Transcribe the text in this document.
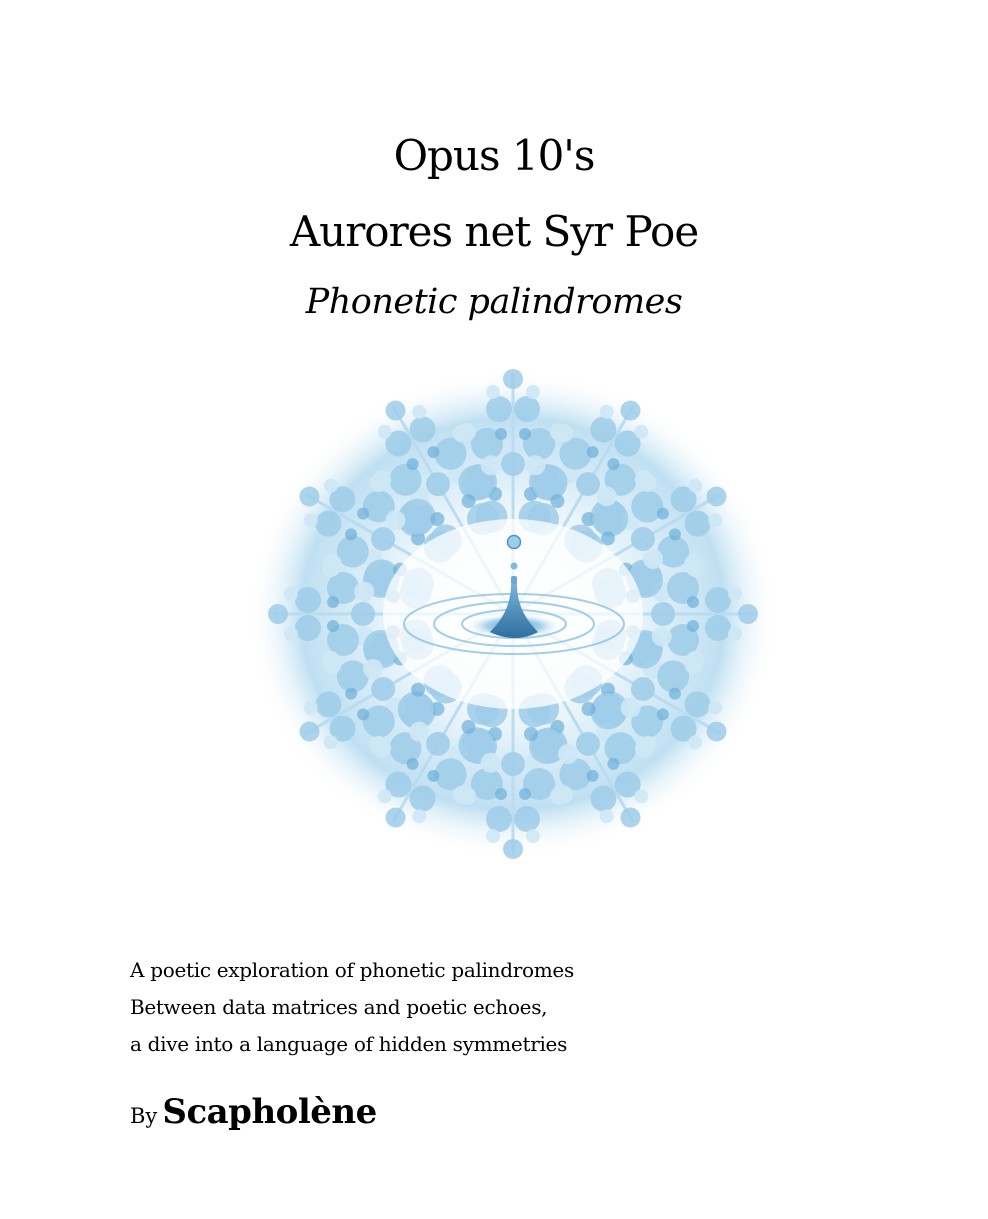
Opus 10's
Aurores net Syr Poe
Phonetic palindromes
A poetic exploration of phonetic palindromes
Between data matrices and poetic echoes,
a dive into a language of hidden symmetries
By Scapholène
